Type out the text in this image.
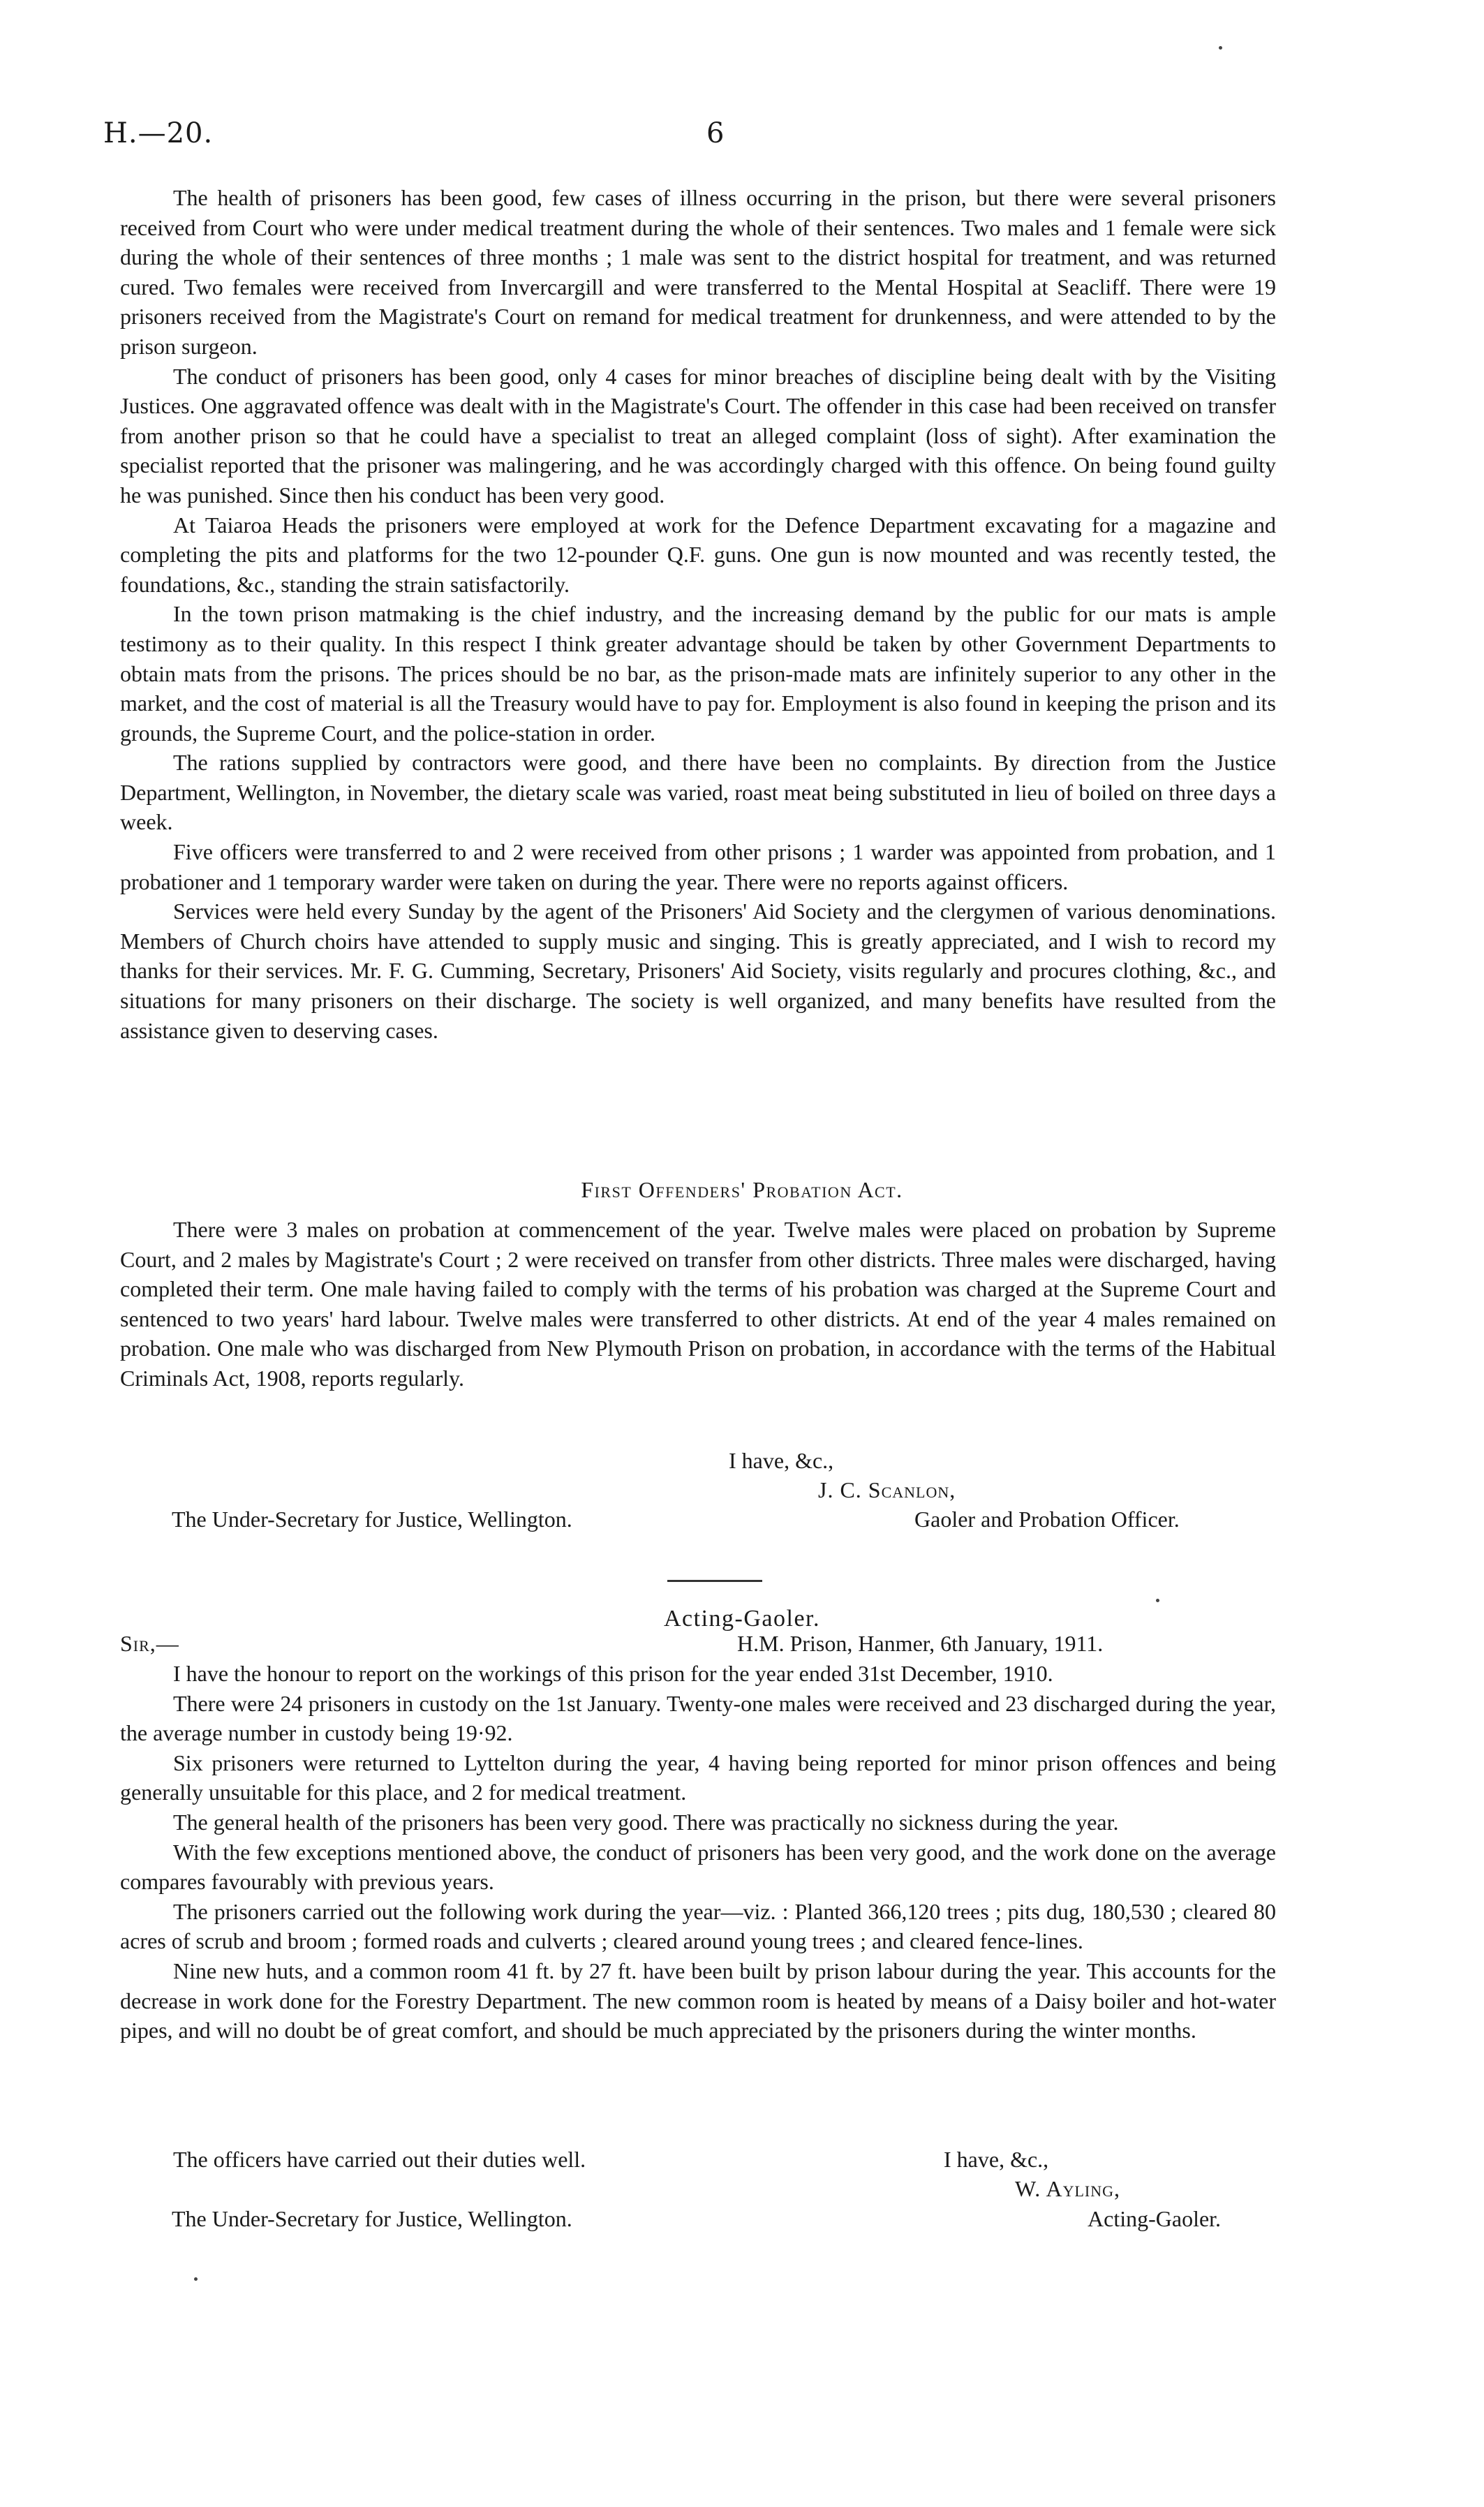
H.—20.	6

The health of prisoners has been good, few cases of illness occurring in the prison, but there were several prisoners received from Court who were under medical treatment during the whole of their sentences. Two males and 1 female were sick during the whole of their sentences of three months ; 1 male was sent to the district hospital for treatment, and was returned cured. Two females were received from Invercargill and were transferred to the Mental Hospital at Seacliff. There were 19 prisoners received from the Magistrate's Court on remand for medical treatment for drunkenness, and were attended to by the prison surgeon.

The conduct of prisoners has been good, only 4 cases for minor breaches of discipline being dealt with by the Visiting Justices. One aggravated offence was dealt with in the Magistrate's Court. The offender in this case had been received on transfer from another prison so that he could have a specialist to treat an alleged complaint (loss of sight). After examination the specialist reported that the prisoner was malingering, and he was accordingly charged with this offence. On being found guilty he was punished. Since then his conduct has been very good.

At Taiaroa Heads the prisoners were employed at work for the Defence Department excavating for a magazine and completing the pits and platforms for the two 12-pounder Q.F. guns. One gun is now mounted and was recently tested, the foundations, &c., standing the strain satisfactorily.

In the town prison matmaking is the chief industry, and the increasing demand by the public for our mats is ample testimony as to their quality. In this respect I think greater advantage should be taken by other Government Departments to obtain mats from the prisons. The prices should be no bar, as the prison-made mats are infinitely superior to any other in the market, and the cost of material is all the Treasury would have to pay for. Employment is also found in keeping the prison and its grounds, the Supreme Court, and the police-station in order.

The rations supplied by contractors were good, and there have been no complaints. By direction from the Justice Department, Wellington, in November, the dietary scale was varied, roast meat being substituted in lieu of boiled on three days a week.

Five officers were transferred to and 2 were received from other prisons ; 1 warder was appointed from probation, and 1 probationer and 1 temporary warder were taken on during the year. There were no reports against officers.

Services were held every Sunday by the agent of the Prisoners' Aid Society and the clergymen of various denominations. Members of Church choirs have attended to supply music and singing. This is greatly appreciated, and I wish to record my thanks for their services. Mr. F. G. Cumming, Secretary, Prisoners' Aid Society, visits regularly and procures clothing, &c., and situations for many prisoners on their discharge. The society is well organized, and many benefits have resulted from the assistance given to deserving cases.

First Offenders' Probation Act.

There were 3 males on probation at commencement of the year. Twelve males were placed on probation by Supreme Court, and 2 males by Magistrate's Court ; 2 were received on transfer from other districts. Three males were discharged, having completed their term. One male having failed to comply with the terms of his probation was charged at the Supreme Court and sentenced to two years' hard labour. Twelve males were transferred to other districts. At end of the year 4 males remained on probation. One male who was discharged from New Plymouth Prison on probation, in accordance with the terms of the Habitual Criminals Act, 1908, reports regularly.

I have, &c.,
J. C. Scanlon,
The Under-Secretary for Justice, Wellington.	Gaoler and Probation Officer.
Acting-Gaoler.
Sir,—	H.M. Prison, Hanmer, 6th January, 1911.

I have the honour to report on the workings of this prison for the year ended 31st December, 1910.

There were 24 prisoners in custody on the 1st January. Twenty-one males were received and 23 discharged during the year, the average number in custody being 19·92.

Six prisoners were returned to Lyttelton during the year, 4 having being reported for minor prison offences and being generally unsuitable for this place, and 2 for medical treatment.

The general health of the prisoners has been very good. There was practically no sickness during the year.

With the few exceptions mentioned above, the conduct of prisoners has been very good, and the work done on the average compares favourably with previous years.

The prisoners carried out the following work during the year—viz. : Planted 366,120 trees ; pits dug, 180,530 ; cleared 80 acres of scrub and broom ; formed roads and culverts ; cleared around young trees ; and cleared fence-lines.

Nine new huts, and a common room 41 ft. by 27 ft. have been built by prison labour during the year. This accounts for the decrease in work done for the Forestry Department. The new common room is heated by means of a Daisy boiler and hot-water pipes, and will no doubt be of great comfort, and should be much appreciated by the prisoners during the winter months.

The officers have carried out their duties well.	I have, &c.,
W. Ayling,
The Under-Secretary for Justice, Wellington.	Acting-Gaoler.
